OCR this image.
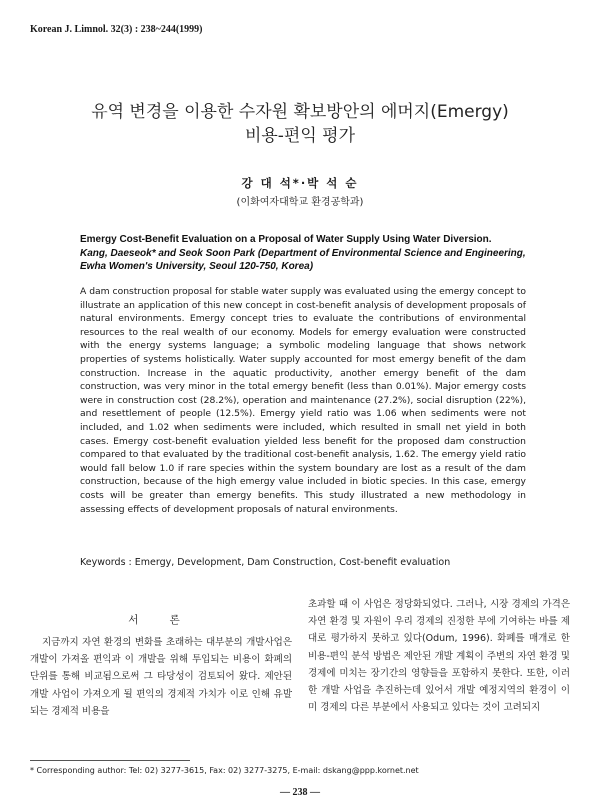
Korean J. Limnol. 32(3) : 238~244(1999)
유역 변경을 이용한 수자원 확보방안의 에머지(Emergy)
비용-편익 평가
강 대 석*·박 석 순
(이화여자대학교 환경공학과)
Emergy Cost-Benefit Evaluation on a Proposal of Water Supply Using Water Diversion.
Kang, Daeseok* and Seok Soon Park (Department of Environmental Science and Engineering, Ewha Women's University, Seoul 120-750, Korea)
A dam construction proposal for stable water supply was evaluated using the emergy concept to illustrate an application of this new concept in cost-benefit analysis of development proposals of natural environments. Emergy concept tries to evaluate the contributions of environmental resources to the real wealth of our economy. Models for emergy evaluation were constructed with the energy systems language; a symbolic modeling language that shows network properties of systems holistically. Water supply accounted for most emergy benefit of the dam construction. Increase in the aquatic productivity, another emergy benefit of the dam construction, was very minor in the total emergy benefit (less than 0.01%). Major emergy costs were in construction cost (28.2%), operation and maintenance (27.2%), social disruption (22%), and resettlement of people (12.5%). Emergy yield ratio was 1.06 when sediments were not included, and 1.02 when sediments were included, which resulted in small net yield in both cases. Emergy cost-benefit evaluation yielded less benefit for the proposed dam construction compared to that evaluated by the traditional cost-benefit analysis, 1.62. The emergy yield ratio would fall below 1.0 if rare species within the system boundary are lost as a result of the dam construction, because of the high emergy value included in biotic species. In this case, emergy costs will be greater than emergy benefits. This study illustrated a new methodology in assessing effects of development proposals of natural environments.
Keywords : Emergy, Development, Dam Construction, Cost-benefit evaluation
서 론
지금까지 자연 환경의 변화를 초래하는 대부분의 개발사업은 개발이 가져올 편익과 이 개발을 위해 투입되는 비용이 화폐의 단위를 통해 비교됨으로써 그 타당성이 검토되어 왔다. 제안된 개발 사업이 가져오게 될 편익의 경제적 가치가 이로 인해 유발되는 경제적 비용을
초과할 때 이 사업은 정당화되었다. 그러나, 시장 경제의 가격은 자연 환경 및 자원이 우리 경제의 진정한 부에 기여하는 바를 제대로 평가하지 못하고 있다(Odum, 1996). 화폐를 매개로 한 비용-편익 분석 방법은 제안된 개발 계획이 주변의 자연 환경 및 경제에 미치는 장기간의 영향들을 포함하지 못한다. 또한, 이러한 개발 사업을 추진하는데 있어서 개발 예정지역의 환경이 이미 경제의 다른 부분에서 사용되고 있다는 것이 고려되지
* Corresponding author: Tel: 02) 3277-3615, Fax: 02) 3277-3275, E-mail: dskang@ppp.kornet.net
— 238 —
